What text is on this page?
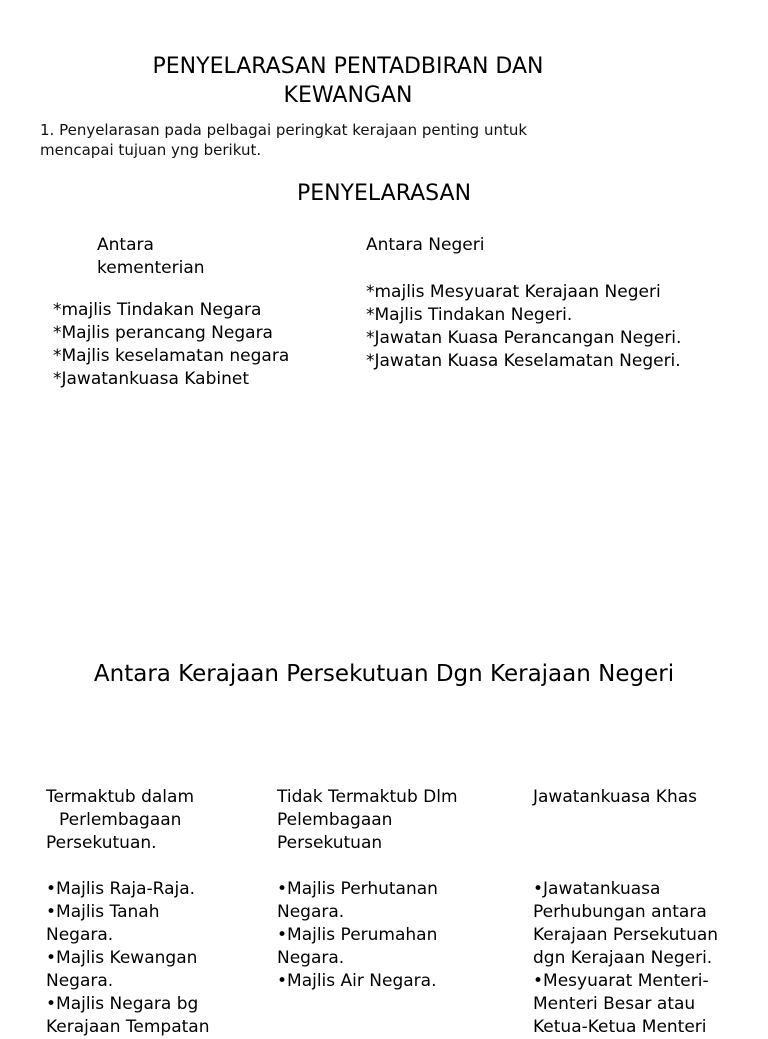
PENYELARASAN PENTADBIRAN DAN
KEWANGAN
1. Penyelarasan pada pelbagai peringkat kerajaan penting untuk
mencapai tujuan yng berikut.
PENYELARASAN
Antara
kementerian
*majlis Tindakan Negara
*Majlis perancang Negara
*Majlis keselamatan negara
*Jawatankuasa Kabinet
Antara Negeri
*majlis Mesyuarat Kerajaan Negeri
*Majlis Tindakan Negeri.
*Jawatan Kuasa Perancangan Negeri.
*Jawatan Kuasa Keselamatan Negeri.
Antara Kerajaan Persekutuan Dgn Kerajaan Negeri
Termaktub dalam
Perlembagaan
Persekutuan.
•Majlis Raja-Raja.
•Majlis Tanah
Negara.
•Majlis Kewangan
Negara.
•Majlis Negara bg
Kerajaan Tempatan
Tidak Termaktub Dlm
Pelembagaan
Persekutuan
•Majlis Perhutanan
Negara.
•Majlis Perumahan
Negara.
•Majlis Air Negara.
Jawatankuasa Khas
•Jawatankuasa
Perhubungan antara
Kerajaan Persekutuan
dgn Kerajaan Negeri.
•Mesyuarat Menteri-
Menteri Besar atau
Ketua-Ketua Menteri
